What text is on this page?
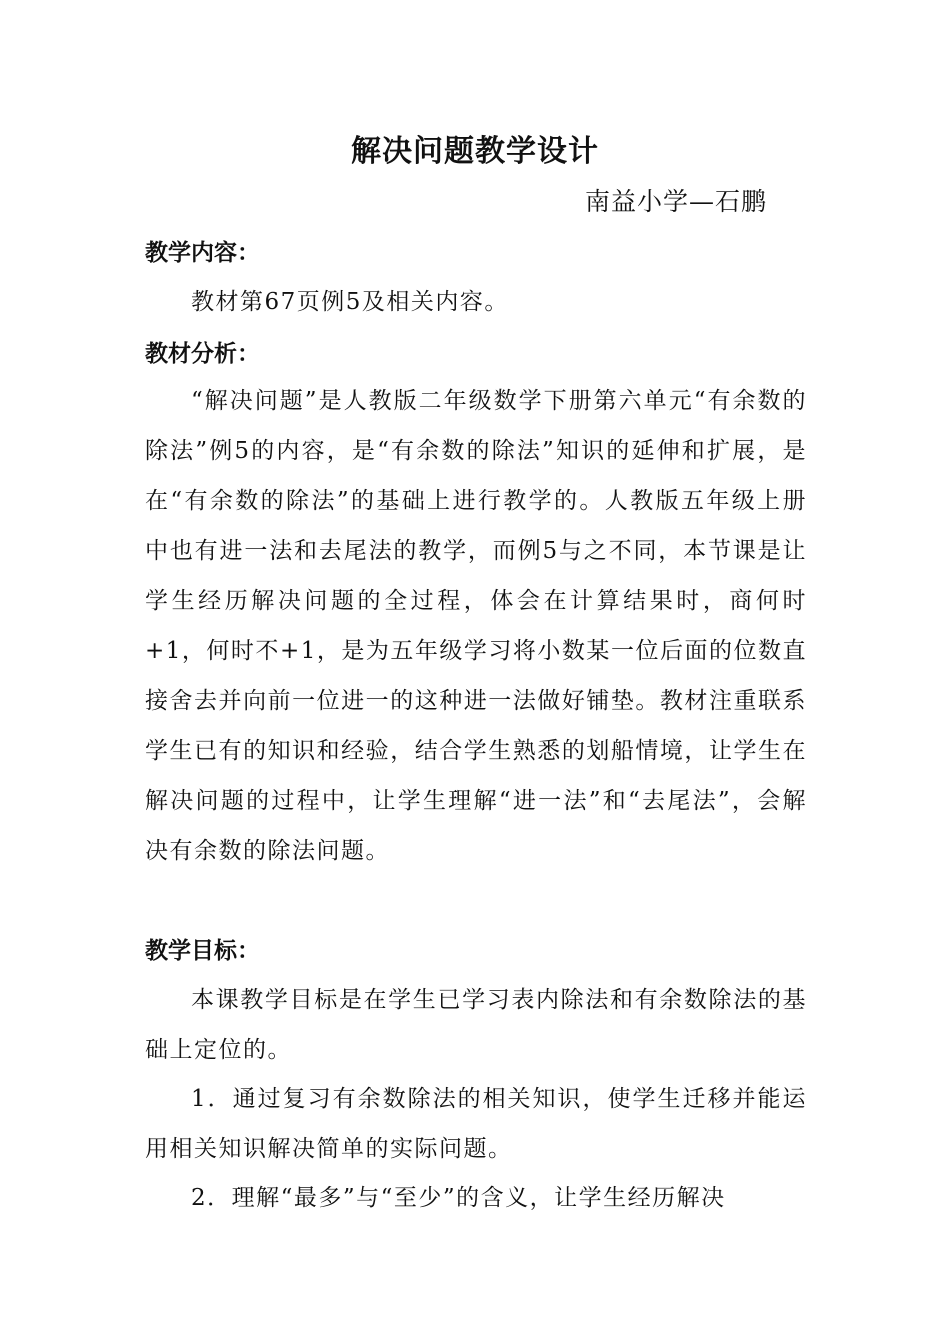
解决问题教学设计
南益小学—石鹏
教学内容：
教材第67页例5及相关内容。
教材分析：
“解决问题”是人教版二年级数学下册第六单元“有余数的除法”例5的内容，是“有余数的除法”知识的延伸和扩展，是在“有余数的除法”的基础上进行教学的。人教版五年级上册中也有进一法和去尾法的教学，而例5与之不同，本节课是让学生经历解决问题的全过程，体会在计算结果时，商何时+1，何时不+1，是为五年级学习将小数某一位后面的位数直接舍去并向前一位进一的这种进一法做好铺垫。教材注重联系学生已有的知识和经验，结合学生熟悉的划船情境，让学生在解决问题的过程中，让学生理解“进一法”和“去尾法”，会解决有余数的除法问题。
教学目标：
本课教学目标是在学生已学习表内除法和有余数除法的基础上定位的。
1．通过复习有余数除法的相关知识，使学生迁移并能运用相关知识解决简单的实际问题。
2．理解“最多”与“至少”的含义，让学生经历解决
